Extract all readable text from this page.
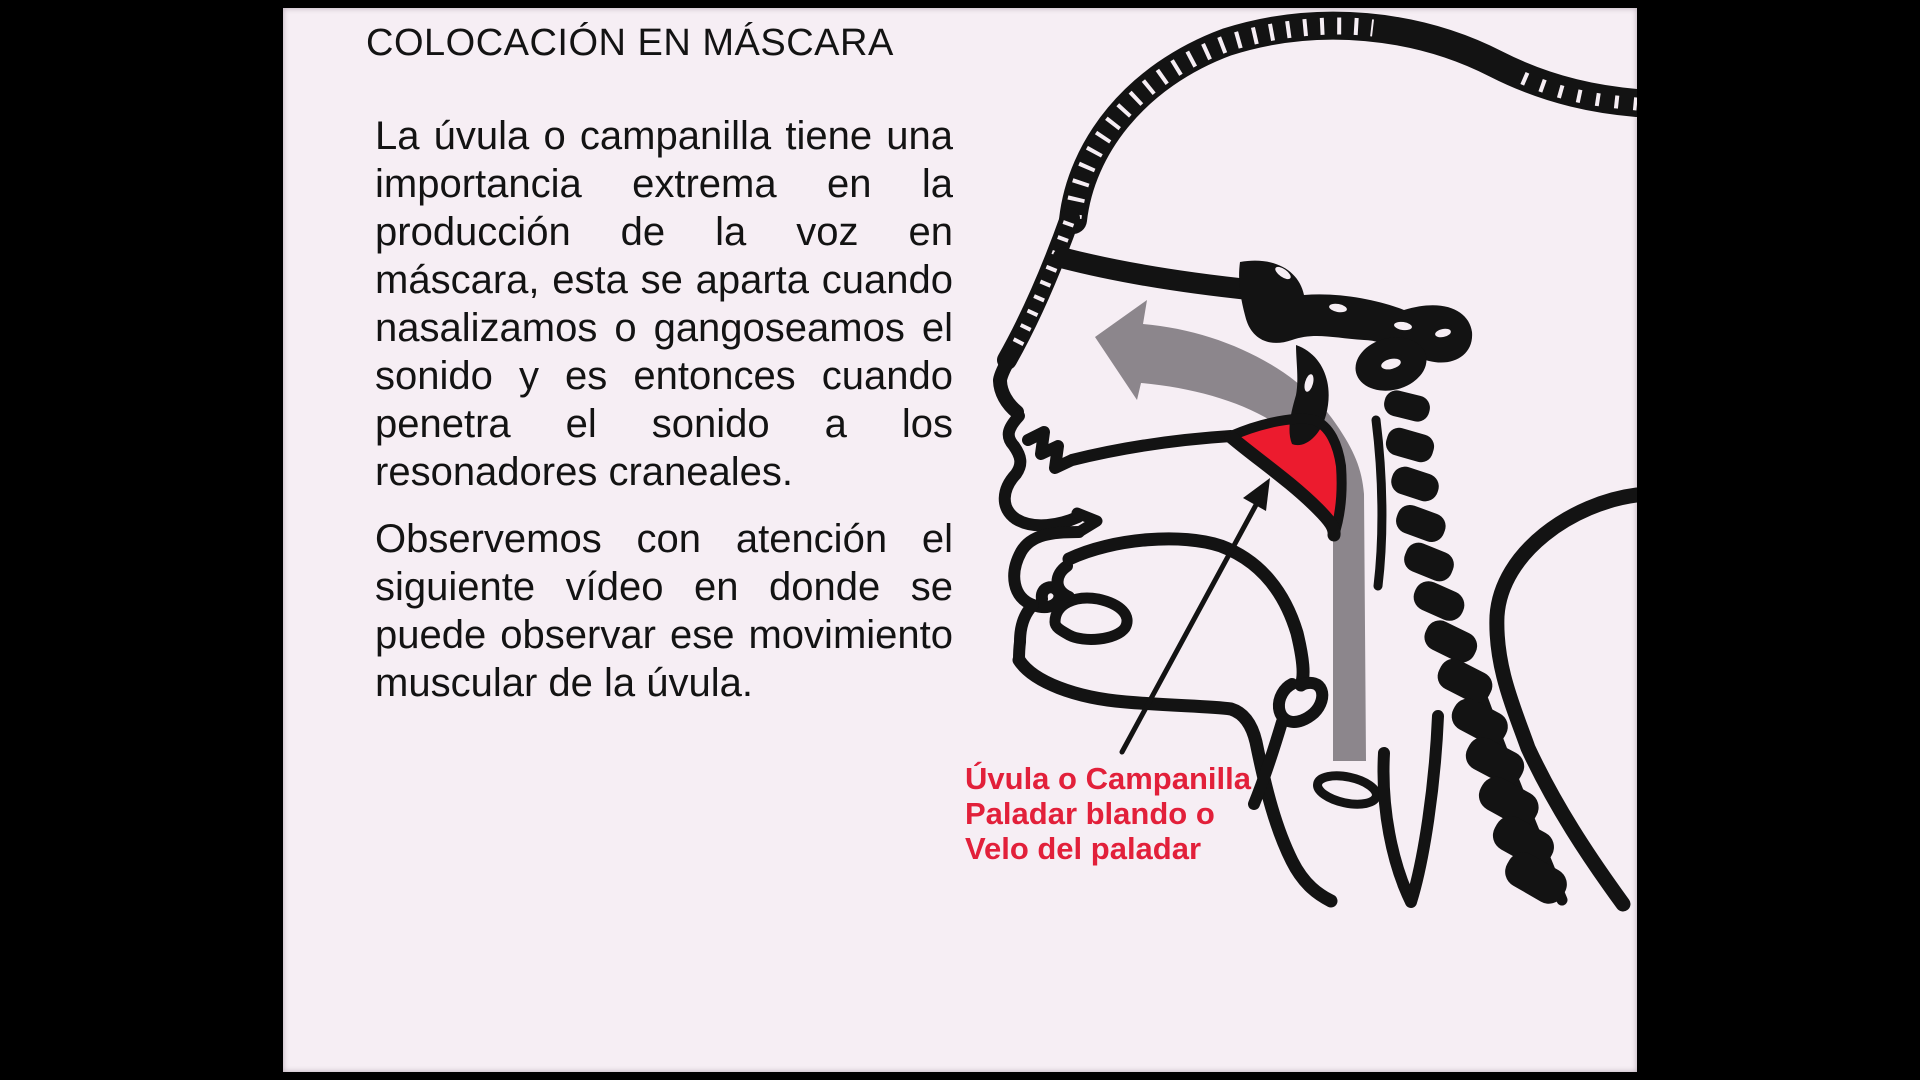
COLOCACIÓN EN MÁSCARA
La úvula o campanilla tiene una importancia extrema en la producción de la voz en máscara, esta se aparta cuando nasalizamos o gangoseamos el sonido y es entonces cuando penetra el sonido a los resonadores craneales.
Observemos con atención el siguiente vídeo en donde se puede observar ese movimiento muscular de la úvula.
Úvula o Campanilla
Paladar blando o
Velo del paladar
